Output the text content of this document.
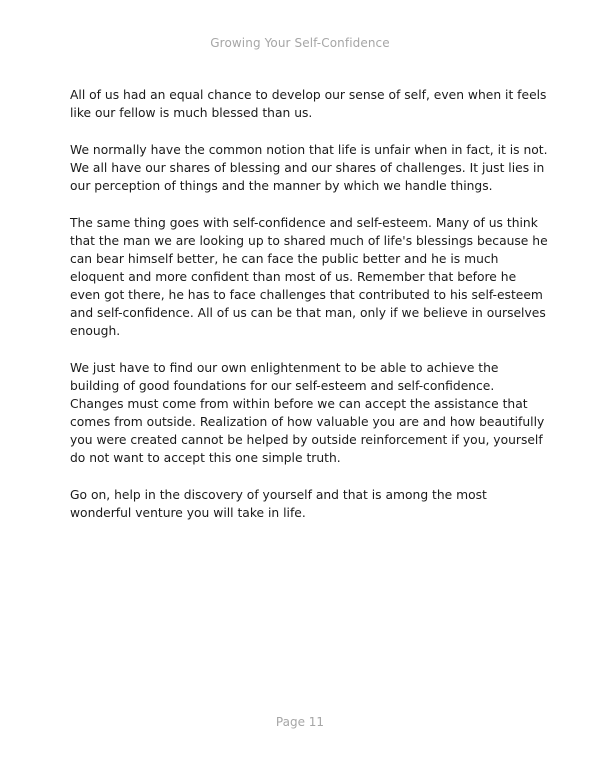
Growing Your Self-Confidence

All of us had an equal chance to develop our sense of self, even when it feels like our fellow is much blessed than us.

We normally have the common notion that life is unfair when in fact, it is not. We all have our shares of blessing and our shares of challenges. It just lies in our perception of things and the manner by which we handle things.

The same thing goes with self-confidence and self-esteem. Many of us think that the man we are looking up to shared much of life's blessings because he can bear himself better, he can face the public better and he is much eloquent and more confident than most of us. Remember that before he even got there, he has to face challenges that contributed to his self-esteem and self-confidence. All of us can be that man, only if we believe in ourselves enough.

We just have to find our own enlightenment to be able to achieve the building of good foundations for our self-esteem and self-confidence. Changes must come from within before we can accept the assistance that comes from outside. Realization of how valuable you are and how beautifully you were created cannot be helped by outside reinforcement if you, yourself do not want to accept this one simple truth.

Go on, help in the discovery of yourself and that is among the most wonderful venture you will take in life.

Page 11
